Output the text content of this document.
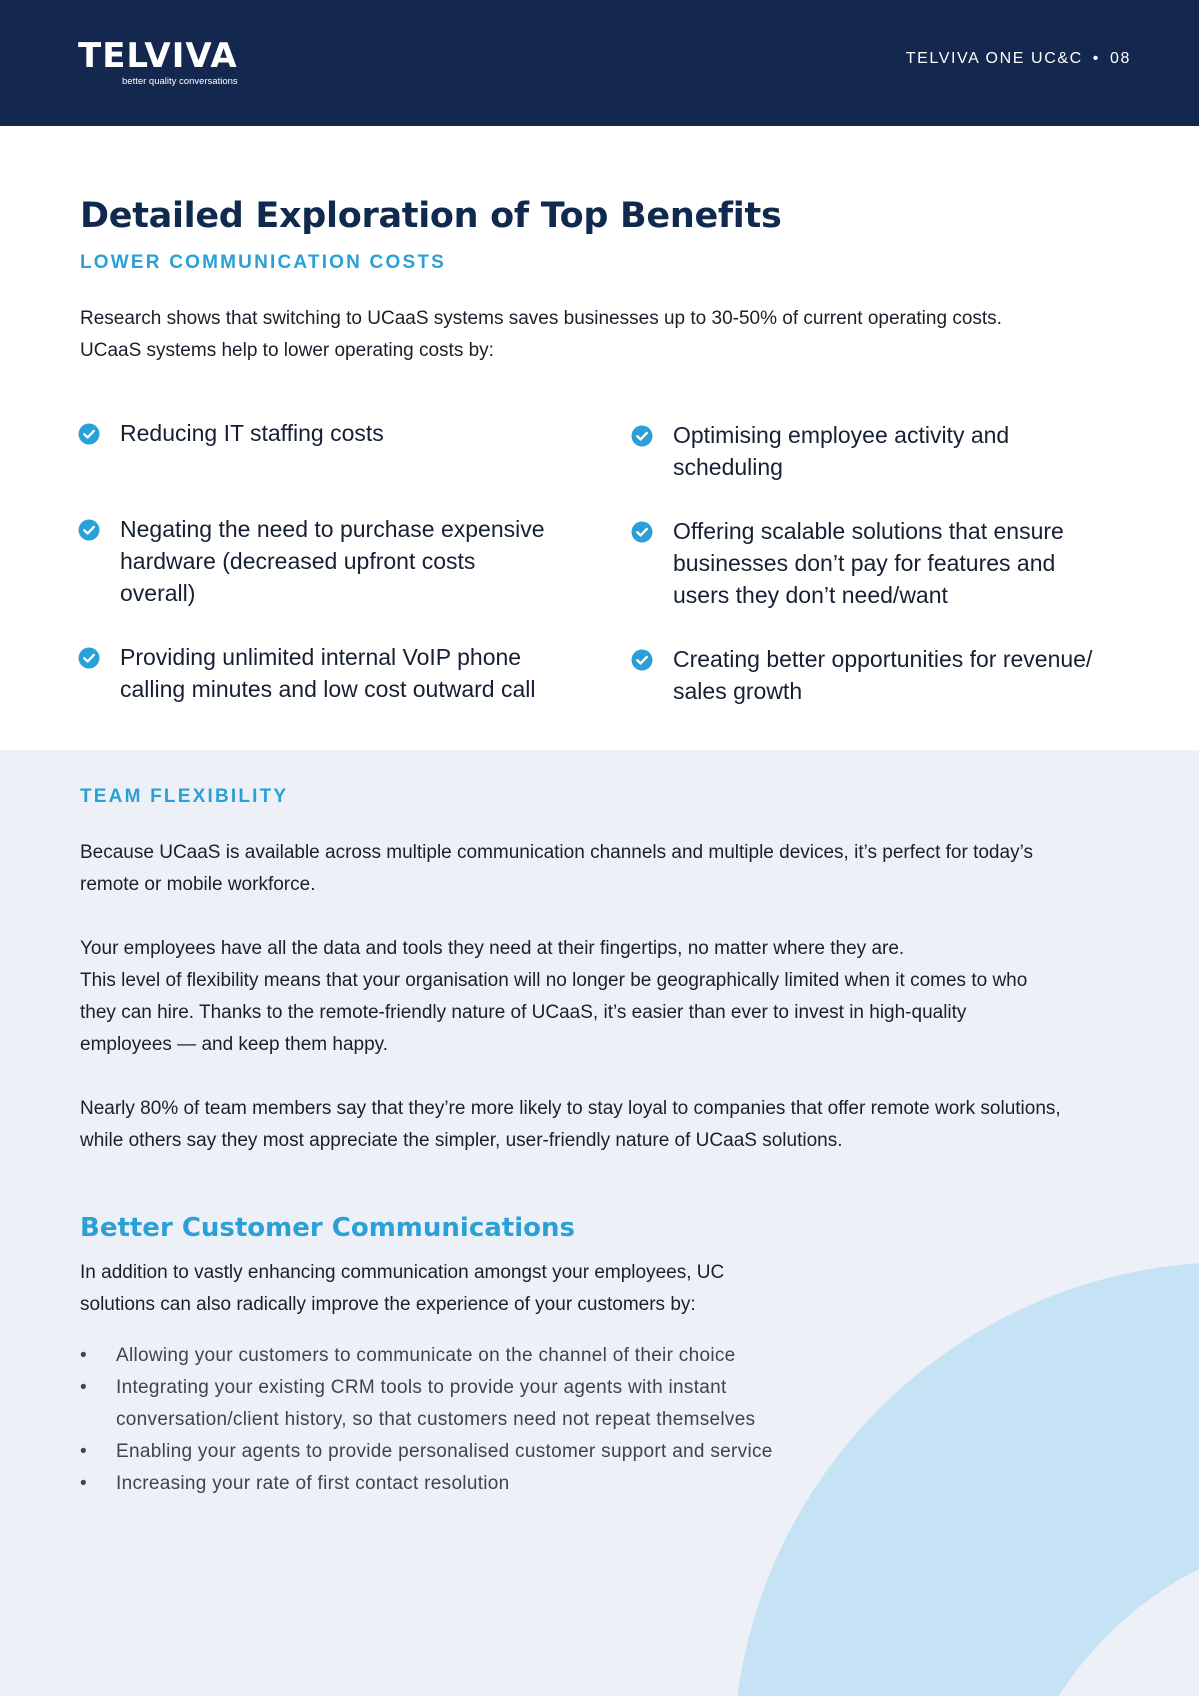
TELVIVA
better quality conversations
TELVIVA ONE UC&C • 08
Detailed Exploration of Top Benefits
LOWER COMMUNICATION COSTS
Research shows that switching to UCaaS systems saves businesses up to 30-50% of current operating costs.
UCaaS systems help to lower operating costs by:
Reducing IT staffing costs	Optimising employee activity and
scheduling
Negating the need to purchase expensive
hardware (decreased upfront costs
overall)
Offering scalable solutions that ensure
businesses don’t pay for features and
users they don’t need/want
Providing unlimited internal VoIP phone
calling minutes and low cost outward call
Creating better opportunities for revenue/
sales growth
TEAM FLEXIBILITY
Because UCaaS is available across multiple communication channels and multiple devices, it’s perfect for today’s
remote or mobile workforce.
Your employees have all the data and tools they need at their fingertips, no matter where they are.
This level of flexibility means that your organisation will no longer be geographically limited when it comes to who
they can hire. Thanks to the remote-friendly nature of UCaaS, it’s easier than ever to invest in high-quality
employees — and keep them happy.
Nearly 80% of team members say that they’re more likely to stay loyal to companies that offer remote work solutions,
while others say they most appreciate the simpler, user-friendly nature of UCaaS solutions.
Better Customer Communications
In addition to vastly enhancing communication amongst your employees, UC
solutions can also radically improve the experience of your customers by:
• Allowing your customers to communicate on the channel of their choice
• Integrating your existing CRM tools to provide your agents with instant
conversation/client history, so that customers need not repeat themselves
• Enabling your agents to provide personalised customer support and service
• Increasing your rate of first contact resolution
